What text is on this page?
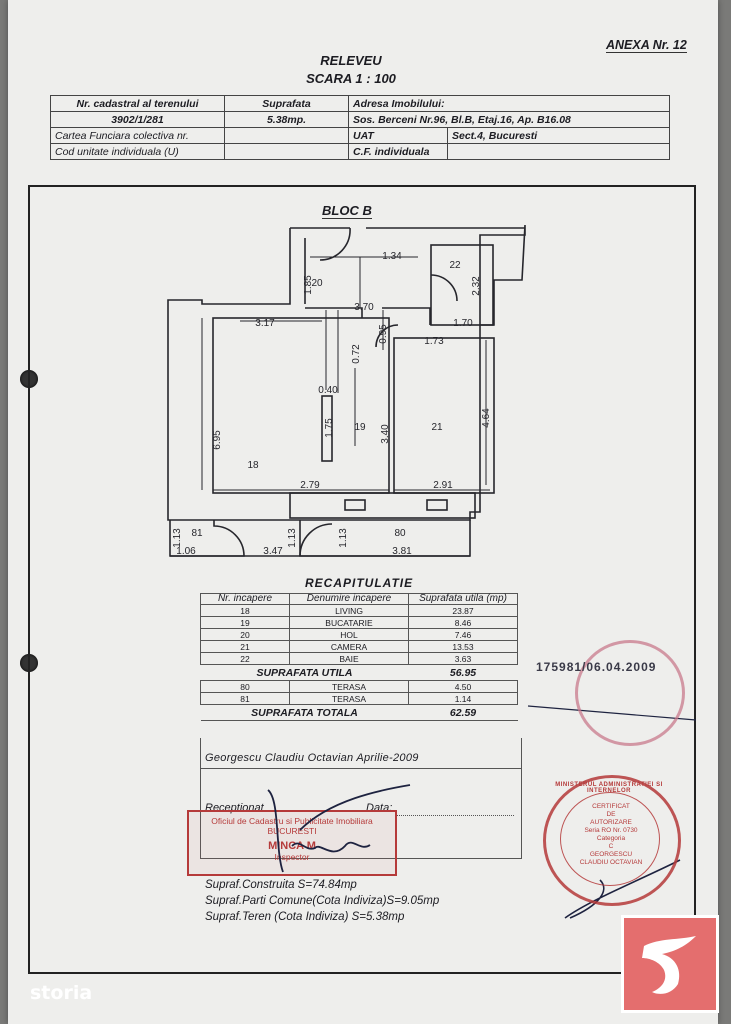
ANEXA Nr. 12
RELEVEU
SCARA 1 : 100
Nr. cadastral al terenului	Suprafata	Adresa Imobilului:	
3902/1/281	5.38mp.	Sos. Berceni Nr.96, Bl.B, Etaj.16, Ap. B16.08	
Cartea Funciara colectiva nr.		UAT	Sect.4, Bucuresti
Cod unitate individuala (U)		C.F. individuala	
BLOC B
20
22
19	21
18
81	80
1.34
1.85	2.32
3.70
3.17	1.70
1.73
0.95
0.72
0.40
1.75	3.40
4.64
6.95
2.79	2.91
1.13	1.13	1.13
1.06	3.47	3.81
RECAPITULATIE
Nr. incapere	Denumire incapere	Suprafata utila (mp)
18	LIVING	23.87
19	BUCATARIE	8.46
20	HOL	7.46
21	CAMERA	13.53
22	BAIE	3.63
SUPRAFATA UTILA		56.95
80	TERASA	4.50
81	TERASA	1.14
SUPRAFATA TOTALA		62.59
Georgescu Claudiu Octavian Aprilie-2009
Receptionat	Data:
Oficiul de Cadastru si Publicitate Imobiliara
BUCURESTI
MINCA M
Inspector
175981/06.04.2009
MINISTERUL ADMINISTRATIEI SI INTERNELOR
CERTIFICAT
DE
AUTORIZARE
Seria RO Nr. 0730
Categoria
C
GEORGESCU
CLAUDIU OCTAVIAN
Supraf.Construita S=74.84mp
Supraf.Parti Comune(Cota Indiviza)S=9.05mp
Supraf.Teren (Cota Indiviza) S=5.38mp
storia
